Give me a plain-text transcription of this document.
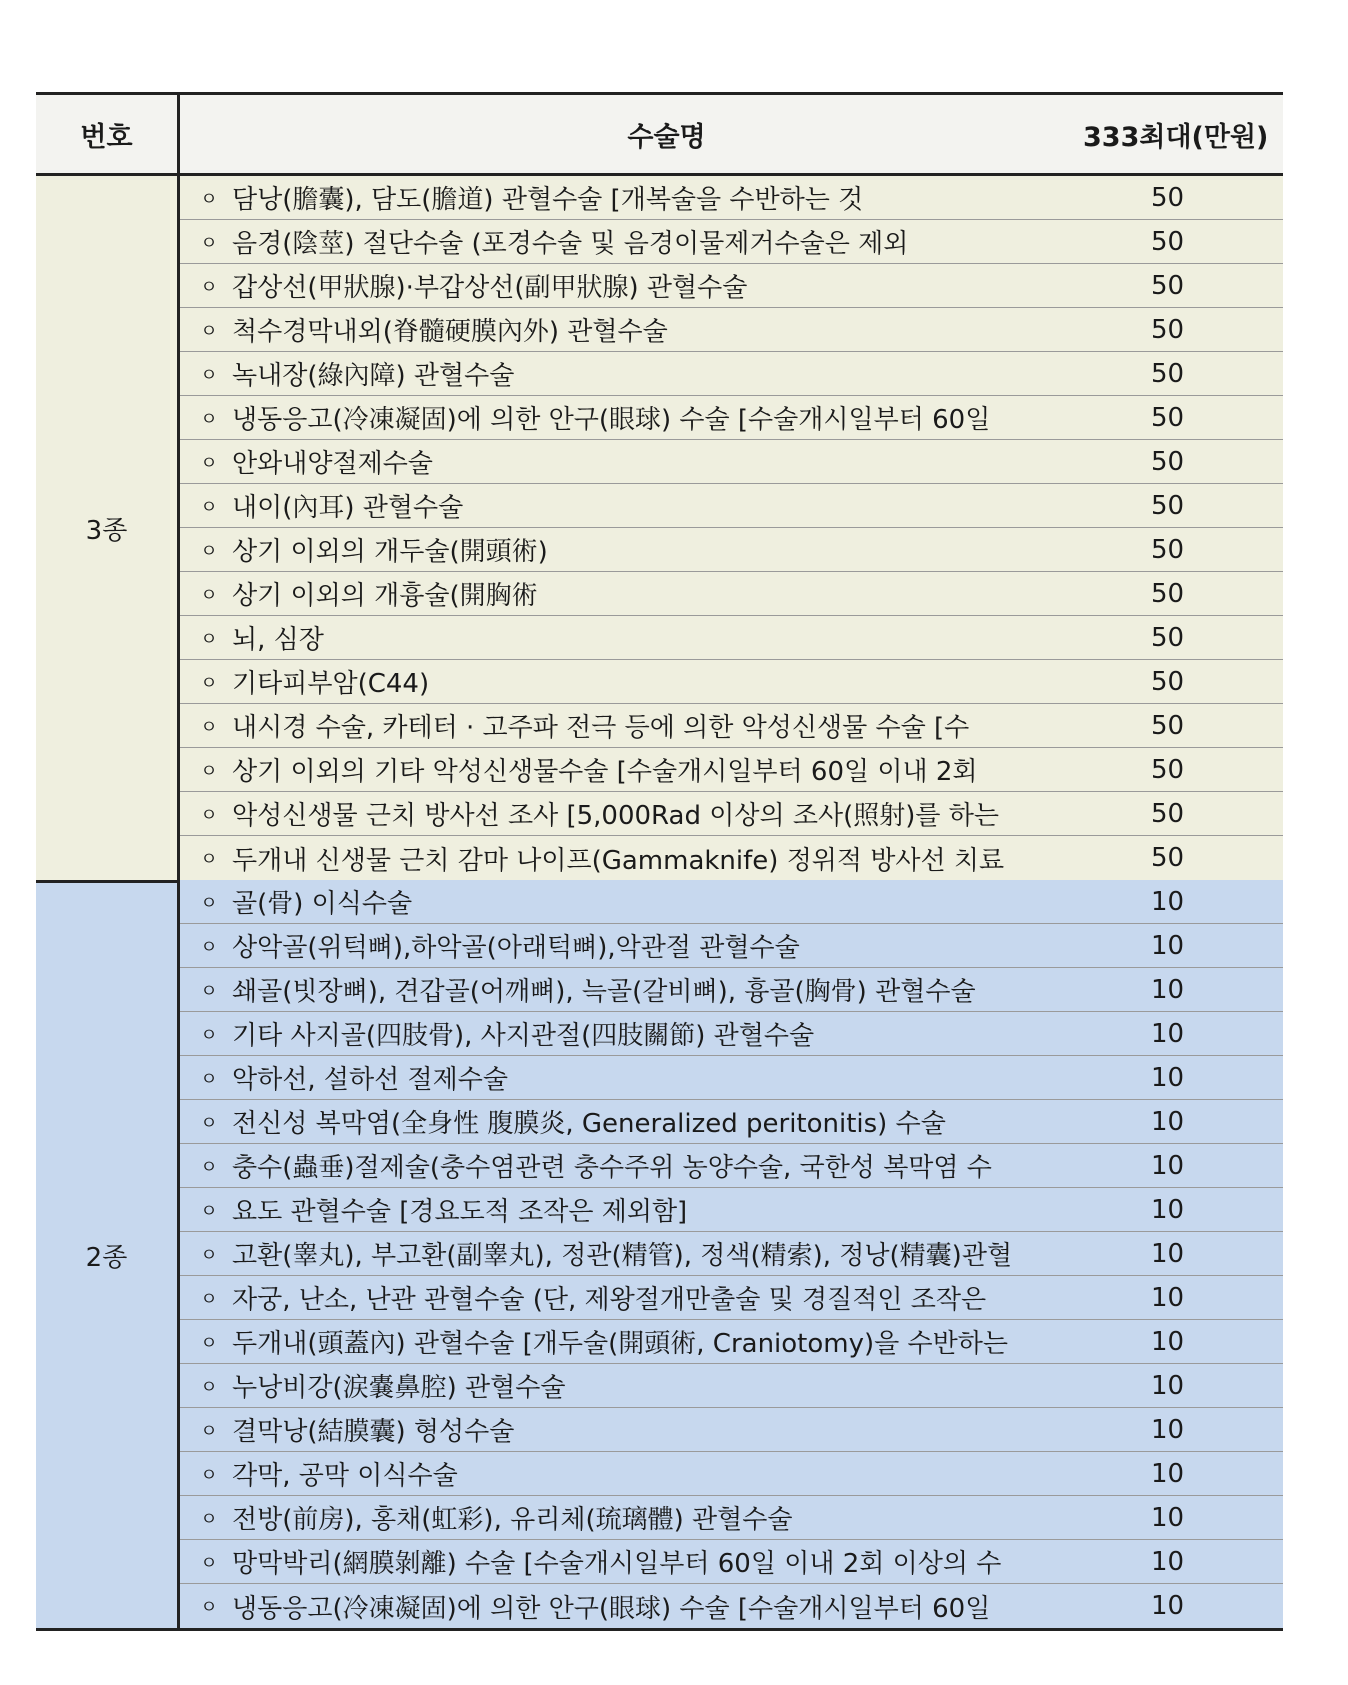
번호	수술명	333최대(만원)
3종
ㅇ 담낭(膽囊), 담도(膽道) 관혈수술 [개복술을 수반하는 것	50
ㅇ 음경(陰莖) 절단수술 (포경수술 및 음경이물제거수술은 제외	50
ㅇ 갑상선(甲狀腺)·부갑상선(副甲狀腺) 관혈수술	50
ㅇ 척수경막내외(脊髓硬膜內外) 관혈수술	50
ㅇ 녹내장(綠內障) 관혈수술	50
ㅇ 냉동응고(冷凍凝固)에 의한 안구(眼球) 수술 [수술개시일부터 60일	50
ㅇ 안와내양절제수술	50
ㅇ 내이(內耳) 관혈수술	50
ㅇ 상기 이외의 개두술(開頭術)	50
ㅇ 상기 이외의 개흉술(開胸術	50
ㅇ 뇌, 심장	50
ㅇ 기타피부암(C44)	50
ㅇ 내시경 수술, 카테터 · 고주파 전극 등에 의한 악성신생물 수술 [수	50
ㅇ 상기 이외의 기타 악성신생물수술 [수술개시일부터 60일 이내 2회	50
ㅇ 악성신생물 근치 방사선 조사 [5,000Rad 이상의 조사(照射)를 하는	50
ㅇ 두개내 신생물 근치 감마 나이프(Gammaknife) 정위적 방사선 치료	50
2종
ㅇ 골(骨) 이식수술	10
ㅇ 상악골(위턱뼈),하악골(아래턱뼈),악관절 관혈수술	10
ㅇ 쇄골(빗장뼈), 견갑골(어깨뼈), 늑골(갈비뼈), 흉골(胸骨) 관혈수술	10
ㅇ 기타 사지골(四肢骨), 사지관절(四肢關節) 관혈수술	10
ㅇ 악하선, 설하선 절제수술	10
ㅇ 전신성 복막염(全身性 腹膜炎, Generalized peritonitis) 수술	10
ㅇ 충수(蟲垂)절제술(충수염관련 충수주위 농양수술, 국한성 복막염 수	10
ㅇ 요도 관혈수술 [경요도적 조작은 제외함]	10
ㅇ 고환(睾丸), 부고환(副睾丸), 정관(精管), 정색(精索), 정낭(精囊)관혈	10
ㅇ 자궁, 난소, 난관 관혈수술 (단, 제왕절개만출술 및 경질적인 조작은	10
ㅇ 두개내(頭蓋內) 관혈수술 [개두술(開頭術, Craniotomy)을 수반하는	10
ㅇ 누낭비강(涙嚢鼻腔) 관혈수술	10
ㅇ 결막낭(結膜囊) 형성수술	10
ㅇ 각막, 공막 이식수술	10
ㅇ 전방(前房), 홍채(虹彩), 유리체(琉璃體) 관혈수술	10
ㅇ 망막박리(網膜剝離) 수술 [수술개시일부터 60일 이내 2회 이상의 수	10
ㅇ 냉동응고(冷凍凝固)에 의한 안구(眼球) 수술 [수술개시일부터 60일	10
